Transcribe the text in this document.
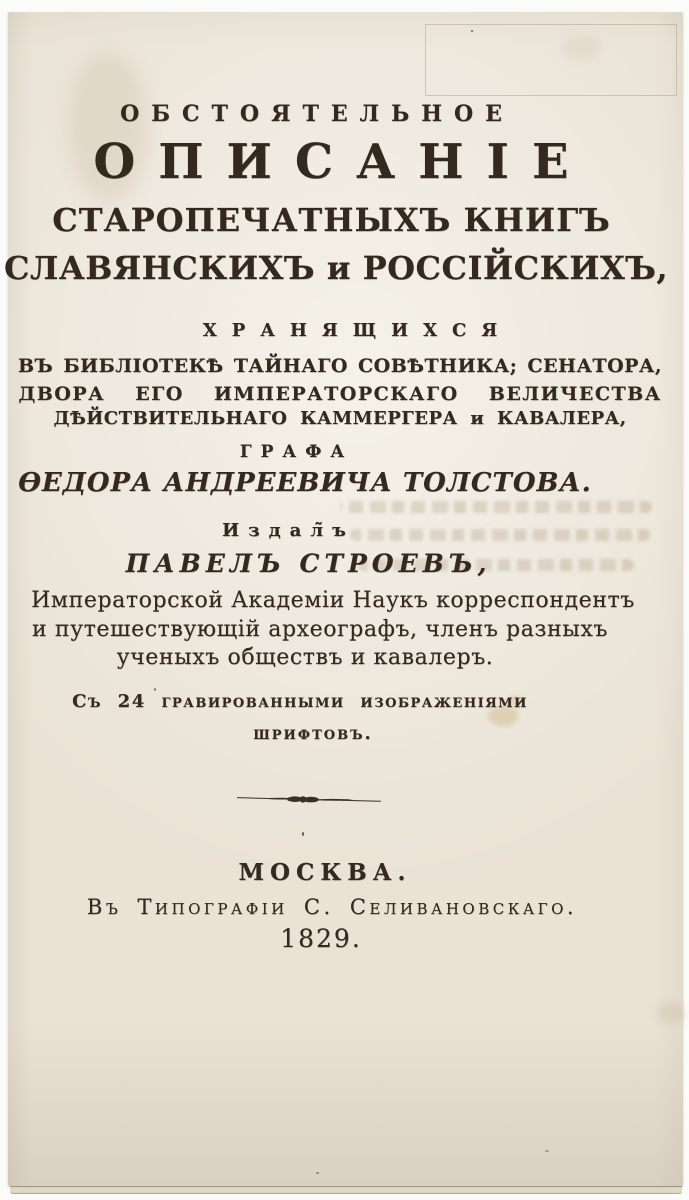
ОБСТОЯТЕЛЬНОЕ
ОПИСАНІЕ
СТАРОПЕЧАТНЫХЪ КНИГЪ
СЛАВЯНСКИХЪ и РОССІЙСКИХЪ,
ХРАНЯЩИХСЯ
ВЪ БИБЛІОТЕКѢ ТАЙНАГО СОВѢТНИКА; СЕНАТОРА,
ДВОРА ЕГО ИМПЕРАТОРСКАГО ВЕЛИЧЕСТВА
ДѢЙСТВИТЕЛЬНАГО КАММЕРГЕРА и КАВАЛЕРА,
ГРАФА
ѲЕДОРА АНДРЕЕВИЧА ТОЛСТОВА.
Издал̃ъ
ПАВЕЛЪ СТРОЕВЪ,
Императорской Академіи Наукъ корреспондентъ
и путешествующій археографъ, членъ разныхъ
ученыхъ обществъ и кавалеръ.
Съ 24 гравированными изображеніями
шрифтовъ.
МОСКВА.
Въ Типографіи С. Селивановскаго.
1829.
